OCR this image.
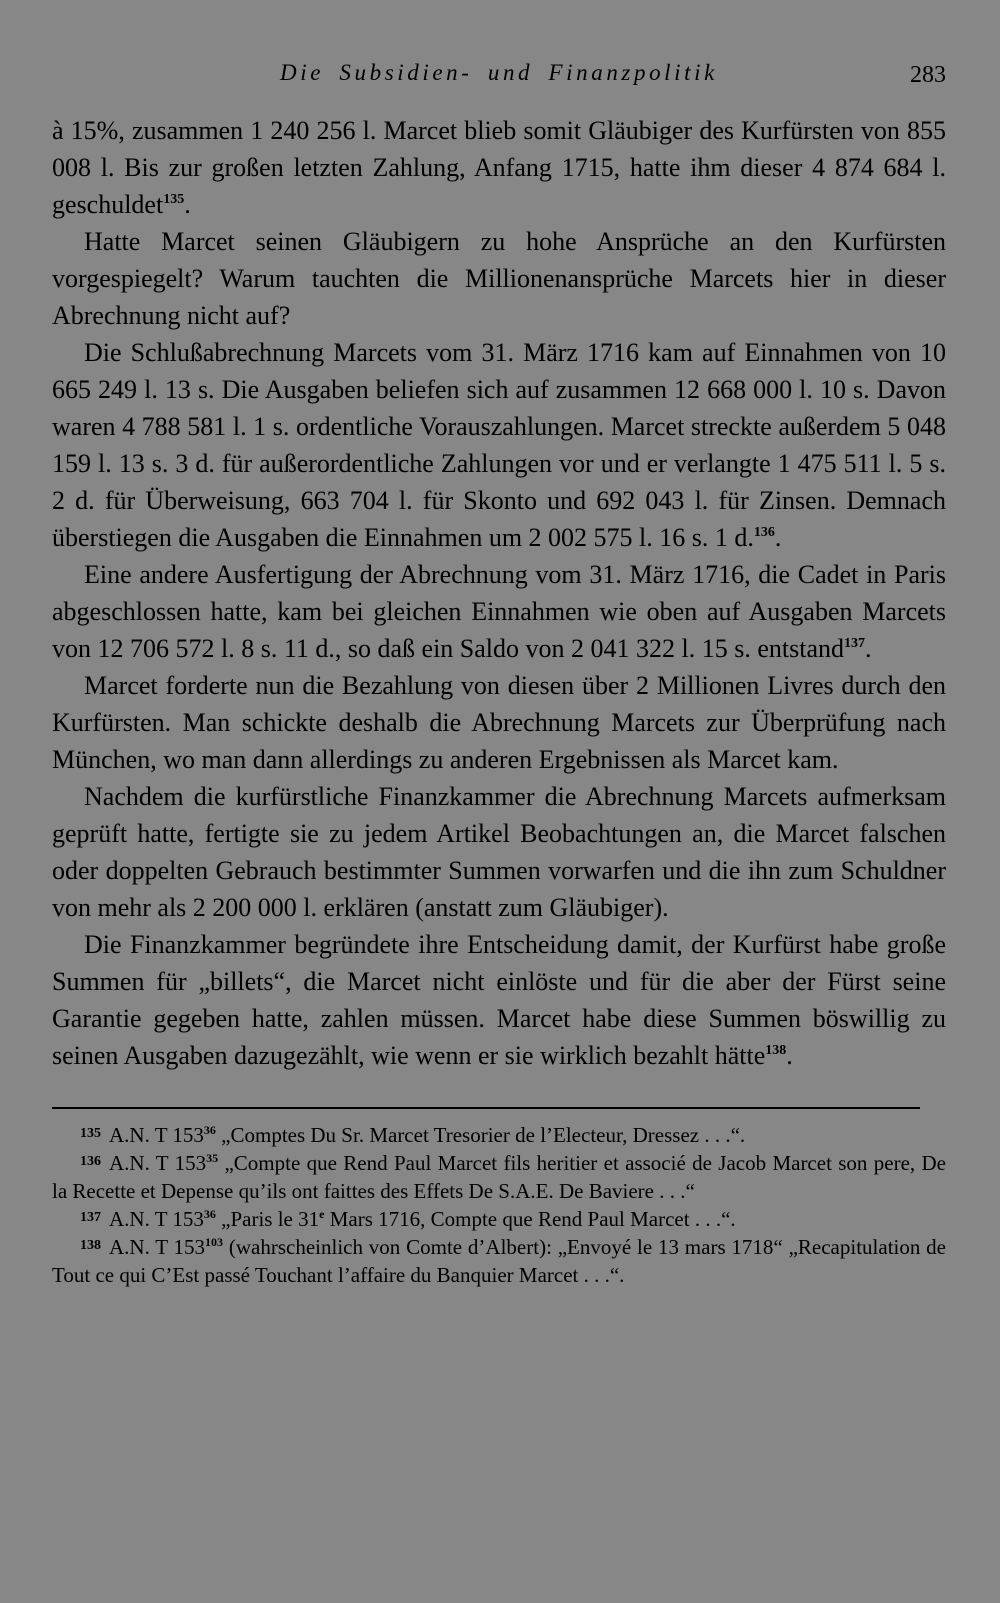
Die Subsidien- und Finanzpolitik	283

à 15%, zusammen 1 240 256 l. Marcet blieb somit Gläubiger des Kurfürsten von 855 008 l. Bis zur großen letzten Zahlung, Anfang 1715, hatte ihm dieser 4 874 684 l. geschuldet$^{135}$.

Hatte Marcet seinen Gläubigern zu hohe Ansprüche an den Kurfürsten vorgespiegelt? Warum tauchten die Millionenansprüche Marcets hier in dieser Abrechnung nicht auf?

Die Schlußabrechnung Marcets vom 31. März 1716 kam auf Einnahmen von 10 665 249 l. 13 s. Die Ausgaben beliefen sich auf zusammen 12 668 000 l. 10 s. Davon waren 4 788 581 l. 1 s. ordentliche Vorauszahlungen. Marcet streckte außerdem 5 048 159 l. 13 s. 3 d. für außerordentliche Zahlungen vor und er verlangte 1 475 511 l. 5 s. 2 d. für Überweisung, 663 704 l. für Skonto und 692 043 l. für Zinsen. Demnach überstiegen die Ausgaben die Einnahmen um 2 002 575 l. 16 s. 1 d.$^{136}$.

Eine andere Ausfertigung der Abrechnung vom 31. März 1716, die Cadet in Paris abgeschlossen hatte, kam bei gleichen Einnahmen wie oben auf Ausgaben Marcets von 12 706 572 l. 8 s. 11 d., so daß ein Saldo von 2 041 322 l. 15 s. entstand$^{137}$.

Marcet forderte nun die Bezahlung von diesen über 2 Millionen Livres durch den Kurfürsten. Man schickte deshalb die Abrechnung Marcets zur Überprüfung nach München, wo man dann allerdings zu anderen Ergebnissen als Marcet kam.

Nachdem die kurfürstliche Finanzkammer die Abrechnung Marcets aufmerksam geprüft hatte, fertigte sie zu jedem Artikel Beobachtungen an, die Marcet falschen oder doppelten Gebrauch bestimmter Summen vorwarfen und die ihn zum Schuldner von mehr als 2 200 000 l. erklären (anstatt zum Gläubiger).

Die Finanzkammer begründete ihre Entscheidung damit, der Kurfürst habe große Summen für „billets“, die Marcet nicht einlöste und für die aber der Fürst seine Garantie gegeben hatte, zahlen müssen. Marcet habe diese Summen böswillig zu seinen Ausgaben dazugezählt, wie wenn er sie wirklich bezahlt hätte$^{138}$.

$^{135}$ A.N. T $153^{36}$ „Comptes Du Sr. Marcet Tresorier de l’Electeur, Dressez . . .“.

$^{136}$ A.N. T $153^{35}$ „Compte que Rend Paul Marcet fils heritier et associé de Jacob Marcet son pere, De la Recette et Depense qu’ils ont faittes des Effets De S.A.E. De Baviere . . .“

$^{137}$ A.N. T $153^{36}$ „Paris le 31e Mars 1716, Compte que Rend Paul Marcet . . .“.

$^{138}$ A.N. T $153^{103}$ (wahrscheinlich von Comte d’Albert): „Envoyé le 13 mars 1718“ „Recapitulation de Tout ce qui C’Est passé Touchant l’affaire du Banquier Marcet . . .“.
